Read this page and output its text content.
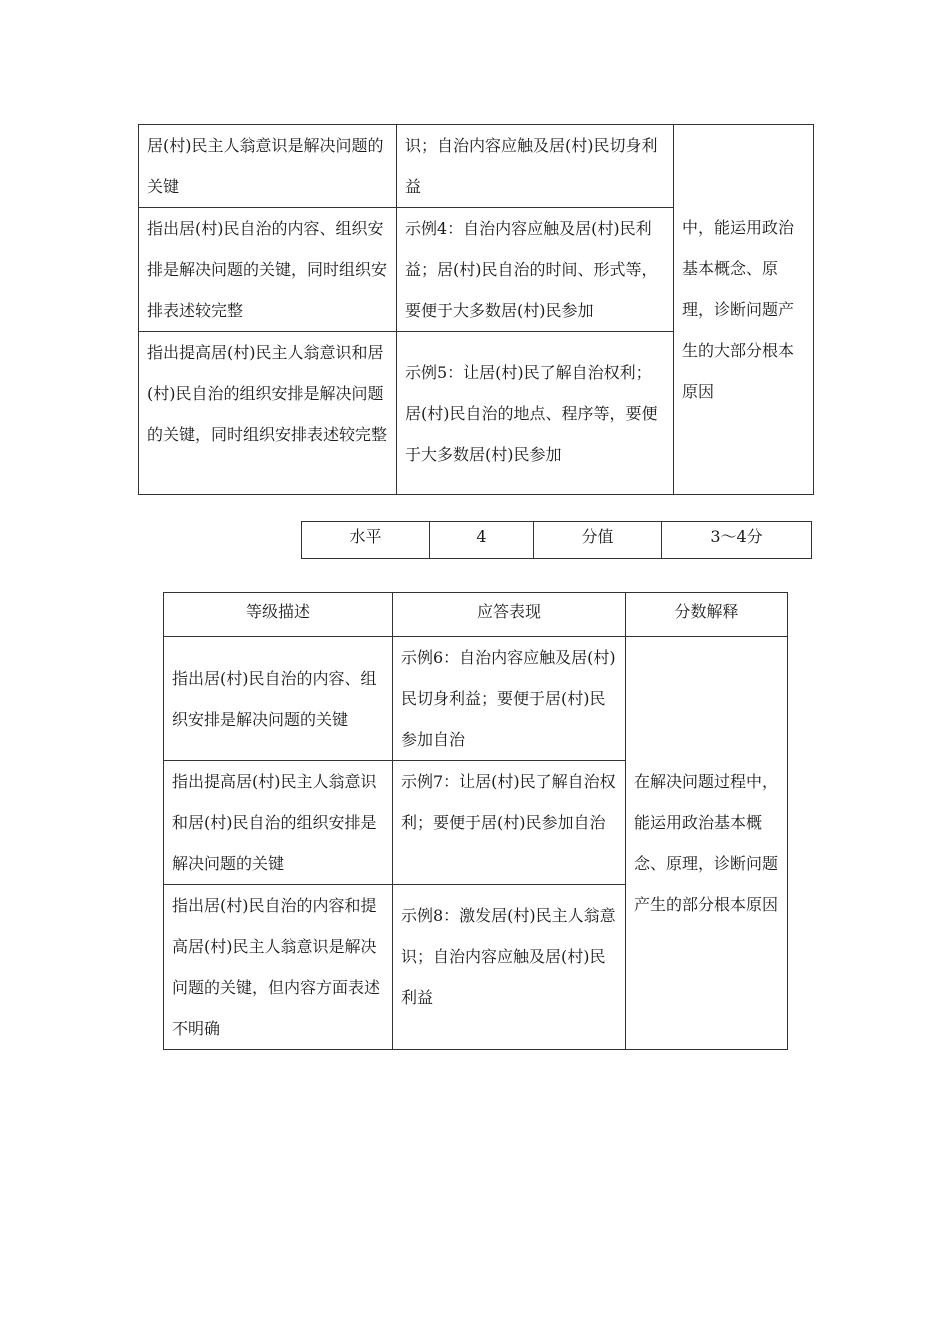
居(村)民主人翁意识是解决问题的关键	识；自治内容应触及居(村)民切身利益	中，能运用政治基本概念、原理，诊断问题产生的大部分根本原因

指出居(村)民自治的内容、组织安排是解决问题的关键，同时组织安排表述较完整	示例4：自治内容应触及居(村)民利益；居(村)民自治的时间、形式等，要便于大多数居(村)民参加	

指出提高居(村)民主人翁意识和居(村)民自治的组织安排是解决问题的关键，同时组织安排表述较完整	示例5：让居(村)民了解自治权利；居(村)民自治的地点、程序等，要便于大多数居(村)民参加	
水平	4	分值	3～4分
等级描述	应答表现	分数解释

指出居(村)民自治的内容、组织安排是解决问题的关键	示例6：自治内容应触及居(村)民切身利益；要便于居(村)民参加自治	在解决问题过程中，能运用政治基本概念、原理，诊断问题产生的部分根本原因

指出提高居(村)民主人翁意识和居(村)民自治的组织安排是解决问题的关键	示例7：让居(村)民了解自治权利；要便于居(村)民参加自治	

指出居(村)民自治的内容和提高居(村)民主人翁意识是解决问题的关键，但内容方面表述不明确	示例8：激发居(村)民主人翁意识；自治内容应触及居(村)民利益	
